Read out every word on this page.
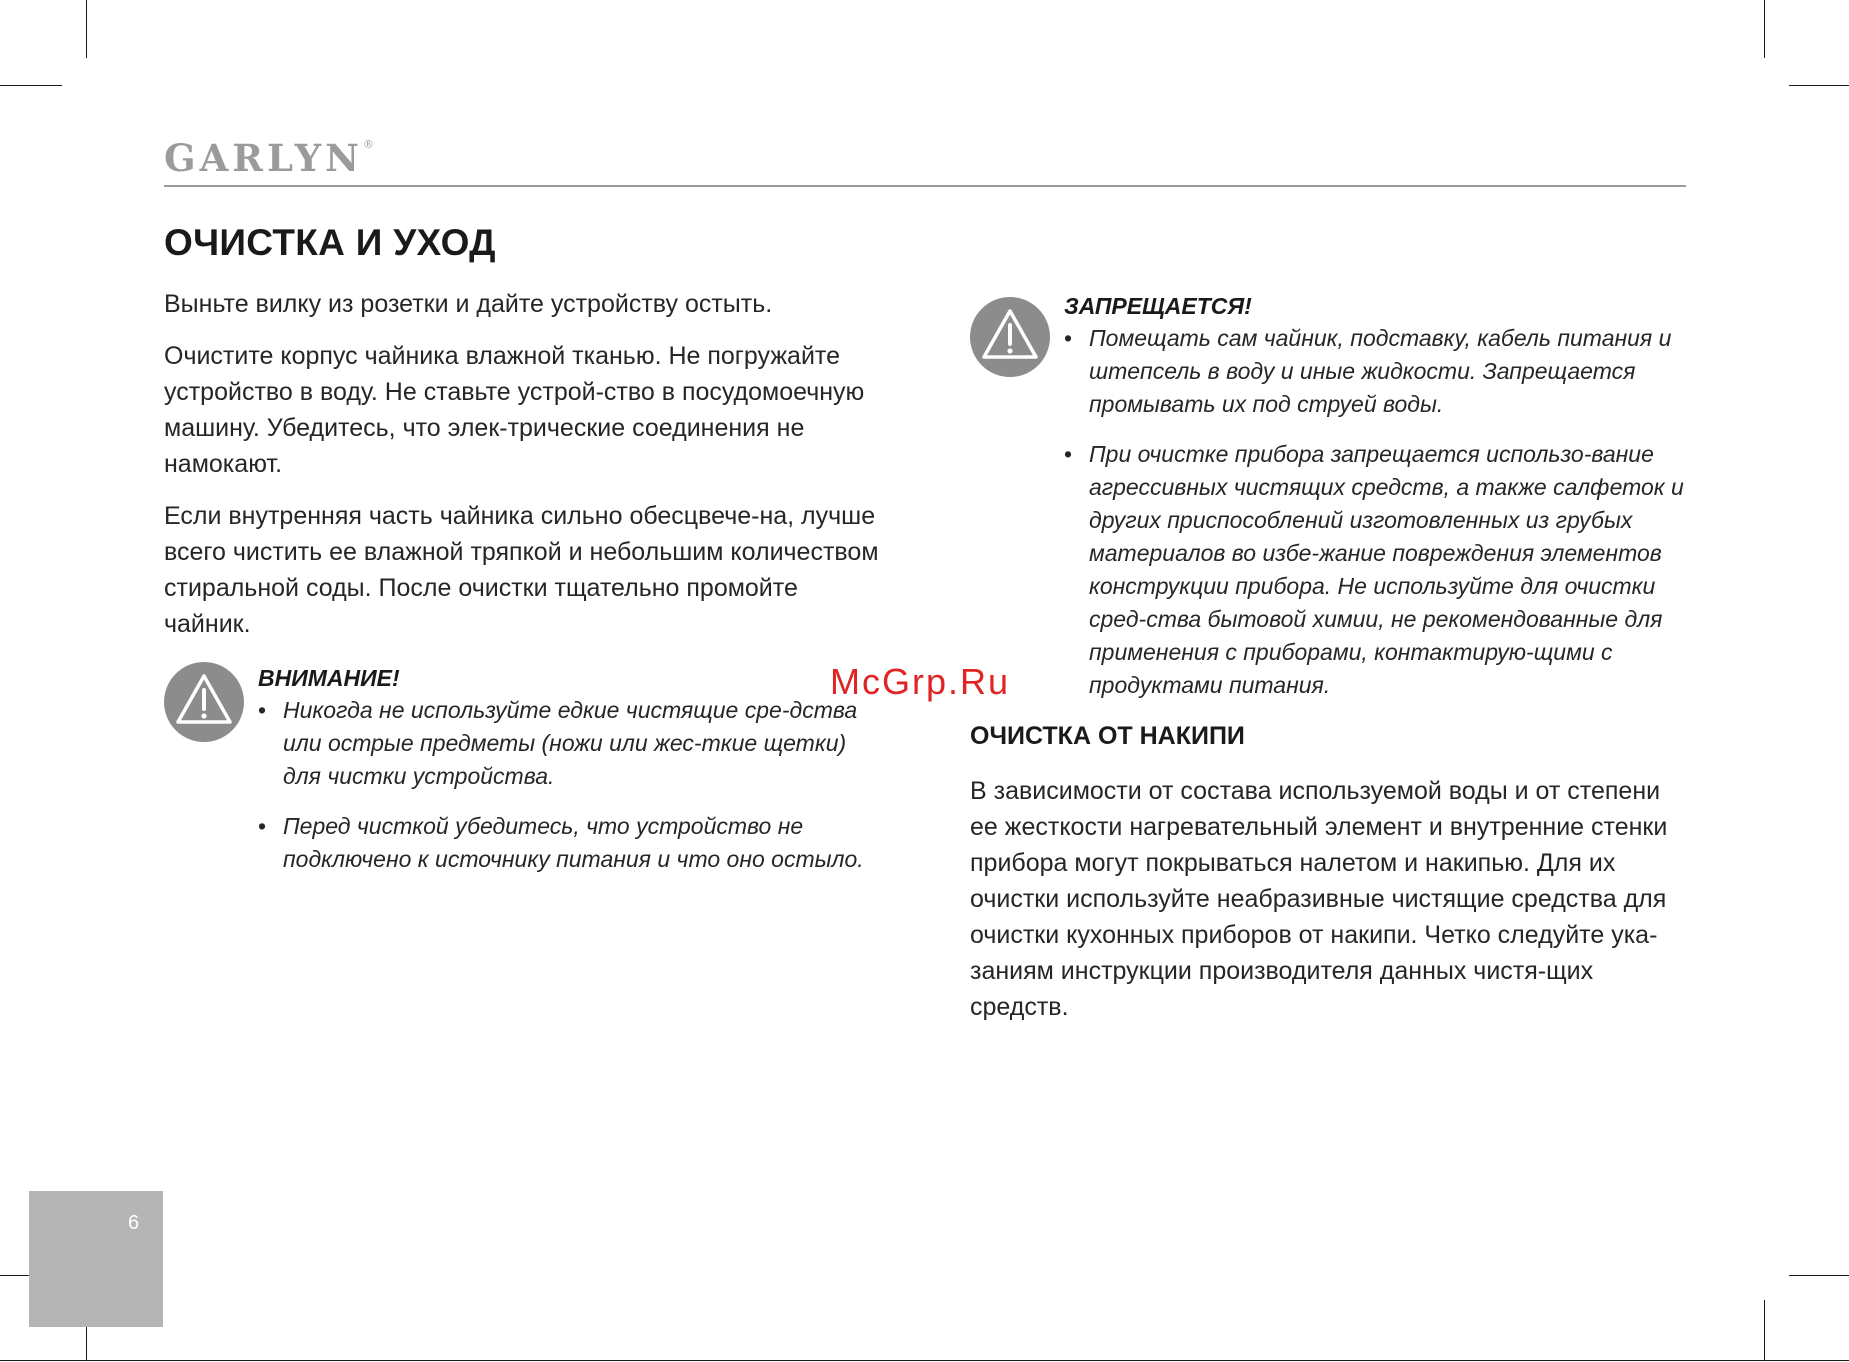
GARLYN®
ОЧИСТКА И УХОД

Выньте вилку из розетки и дайте устройству остыть.

Очистите корпус чайника влажной тканью. Не погружайте устройство в воду. Не ставьте устрой-ство в посудомоечную машину. Убедитесь, что элек-трические соединения не намокают.

Если внутренняя часть чайника сильно обесцвече-на, лучше всего чистить ее влажной тряпкой и небольшим количеством стиральной соды. После очистки тщательно промойте чайник.

ВНИМАНИЕ!

• Никогда не используйте едкие чистящие сре-дства или острые предметы (ножи или жес-ткие щетки) для чистки устройства.
• Перед чисткой убедитесь, что устройство не подключено к источнику питания и что оно остыло.

ЗАПРЕЩАЕТСЯ!

• Помещать сам чайник, подставку, кабель питания и штепсель в воду и иные жидкости. Запрещается промывать их под струей воды.
• При очистке прибора запрещается использо-вание агрессивных чистящих средств, а также салфеток и других приспособлений изготовленных из грубых материалов во избе-жание повреждения элементов конструкции прибора. Не используйте для очистки сред-ства бытовой химии, не рекомендованные для применения с приборами, контактирую-щими с продуктами питания.
ОЧИСТКА ОТ НАКИПИ

В зависимости от состава используемой воды и от степени ее жесткости нагревательный элемент и внутренние стенки прибора могут покрываться налетом и накипью. Для их очистки используйте неабразивные чистящие средства для очистки кухонных приборов от накипи. Четко следуйте ука-заниям инструкции производителя данных чистя-щих средств.

McGrp.Ru
6
